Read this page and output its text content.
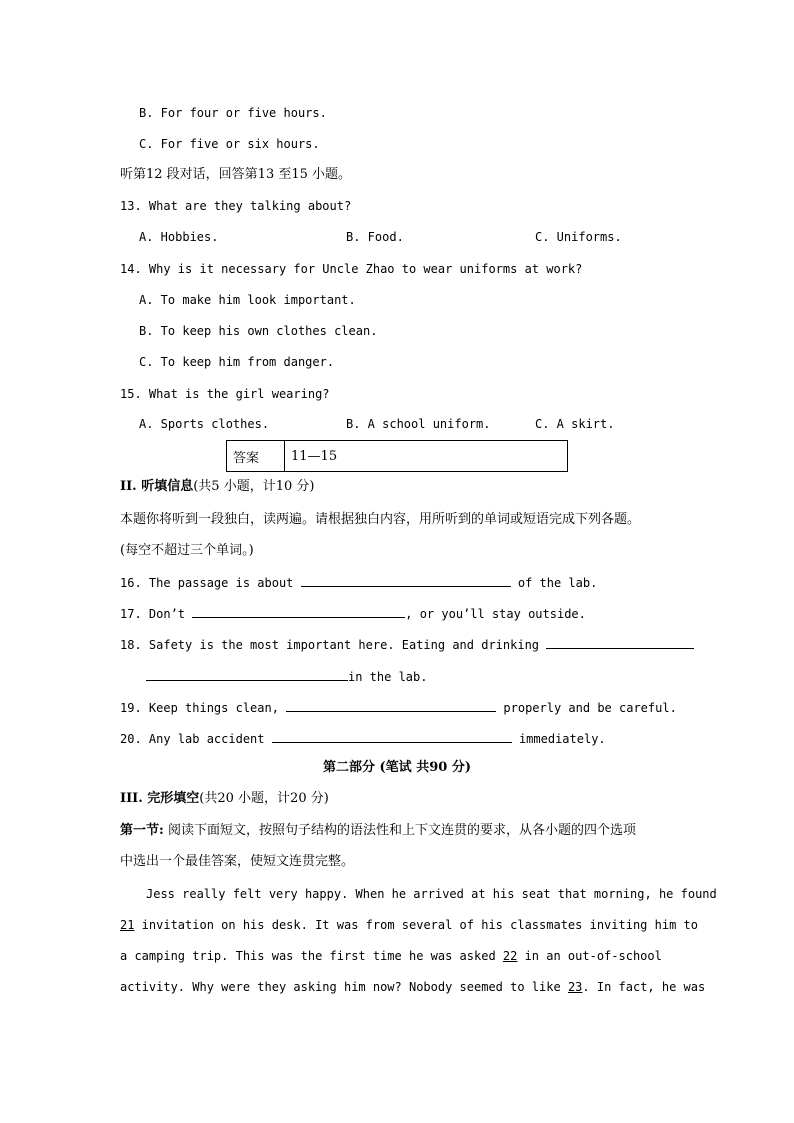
B. For four or five hours.
C. For five or six hours.
听第12 段对话，回答第13 至15 小题。
13. What are they talking about?
A. Hobbies.	B. Food.	C. Uniforms.
14. Why is it necessary for Uncle Zhao to wear uniforms at work?
A. To make him look important.
B. To keep his own clothes clean.
C. To keep him from danger.
15. What is the girl wearing?
A. Sports clothes.	B. A school uniform.	C. A skirt.
答案	11—15
II. 听填信息(共5 小题，计10 分)
本题你将听到一段独白，读两遍。请根据独白内容，用所听到的单词或短语完成下列各题。
(每空不超过三个单词。)
16. The passage is about	of the lab.
17. Don’t	, or you’ll stay outside.
18. Safety is the most important here. Eating and drinking
in the lab.
19. Keep things clean,	properly and be careful.
20. Any lab accident	immediately.
第二部分 (笔试 共90 分)
III. 完形填空(共20 小题，计20 分)
第一节: 阅读下面短文，按照句子结构的语法性和上下文连贯的要求，从各小题的四个选项
中选出一个最佳答案，使短文连贯完整。
Jess really felt very happy. When he arrived at his seat that morning, he found
21 invitation on his desk. It was from several of his classmates inviting him to
a camping trip. This was the first time he was asked 22 in an out-of-school
activity. Why were they asking him now? Nobody seemed to like 23. In fact, he was
